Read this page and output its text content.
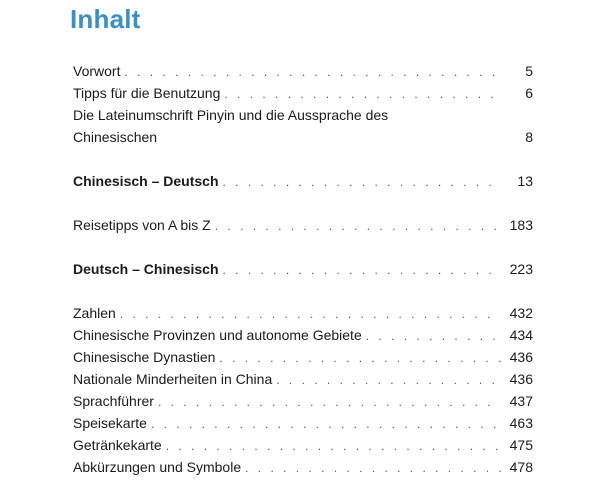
Inhalt
Vorwort . . .	5
Tipps für die Benutzung . . .	6
Die Lateinumschrift Pinyin und die Aussprache des
Chinesischen	8
Chinesisch – Deutsch . . .	13
Reisetipps von A bis Z . . .	183
Deutsch – Chinesisch . . .	223
Zahlen . . .	432
Chinesische Provinzen und autonome Gebiete . . .	434
Chinesische Dynastien . . .	436
Nationale Minderheiten in China . . .	436
Sprachführer . . .	437
Speisekarte . . .	463
Getränkekarte . . .	475
Abkürzungen und Symbole . . .	478
